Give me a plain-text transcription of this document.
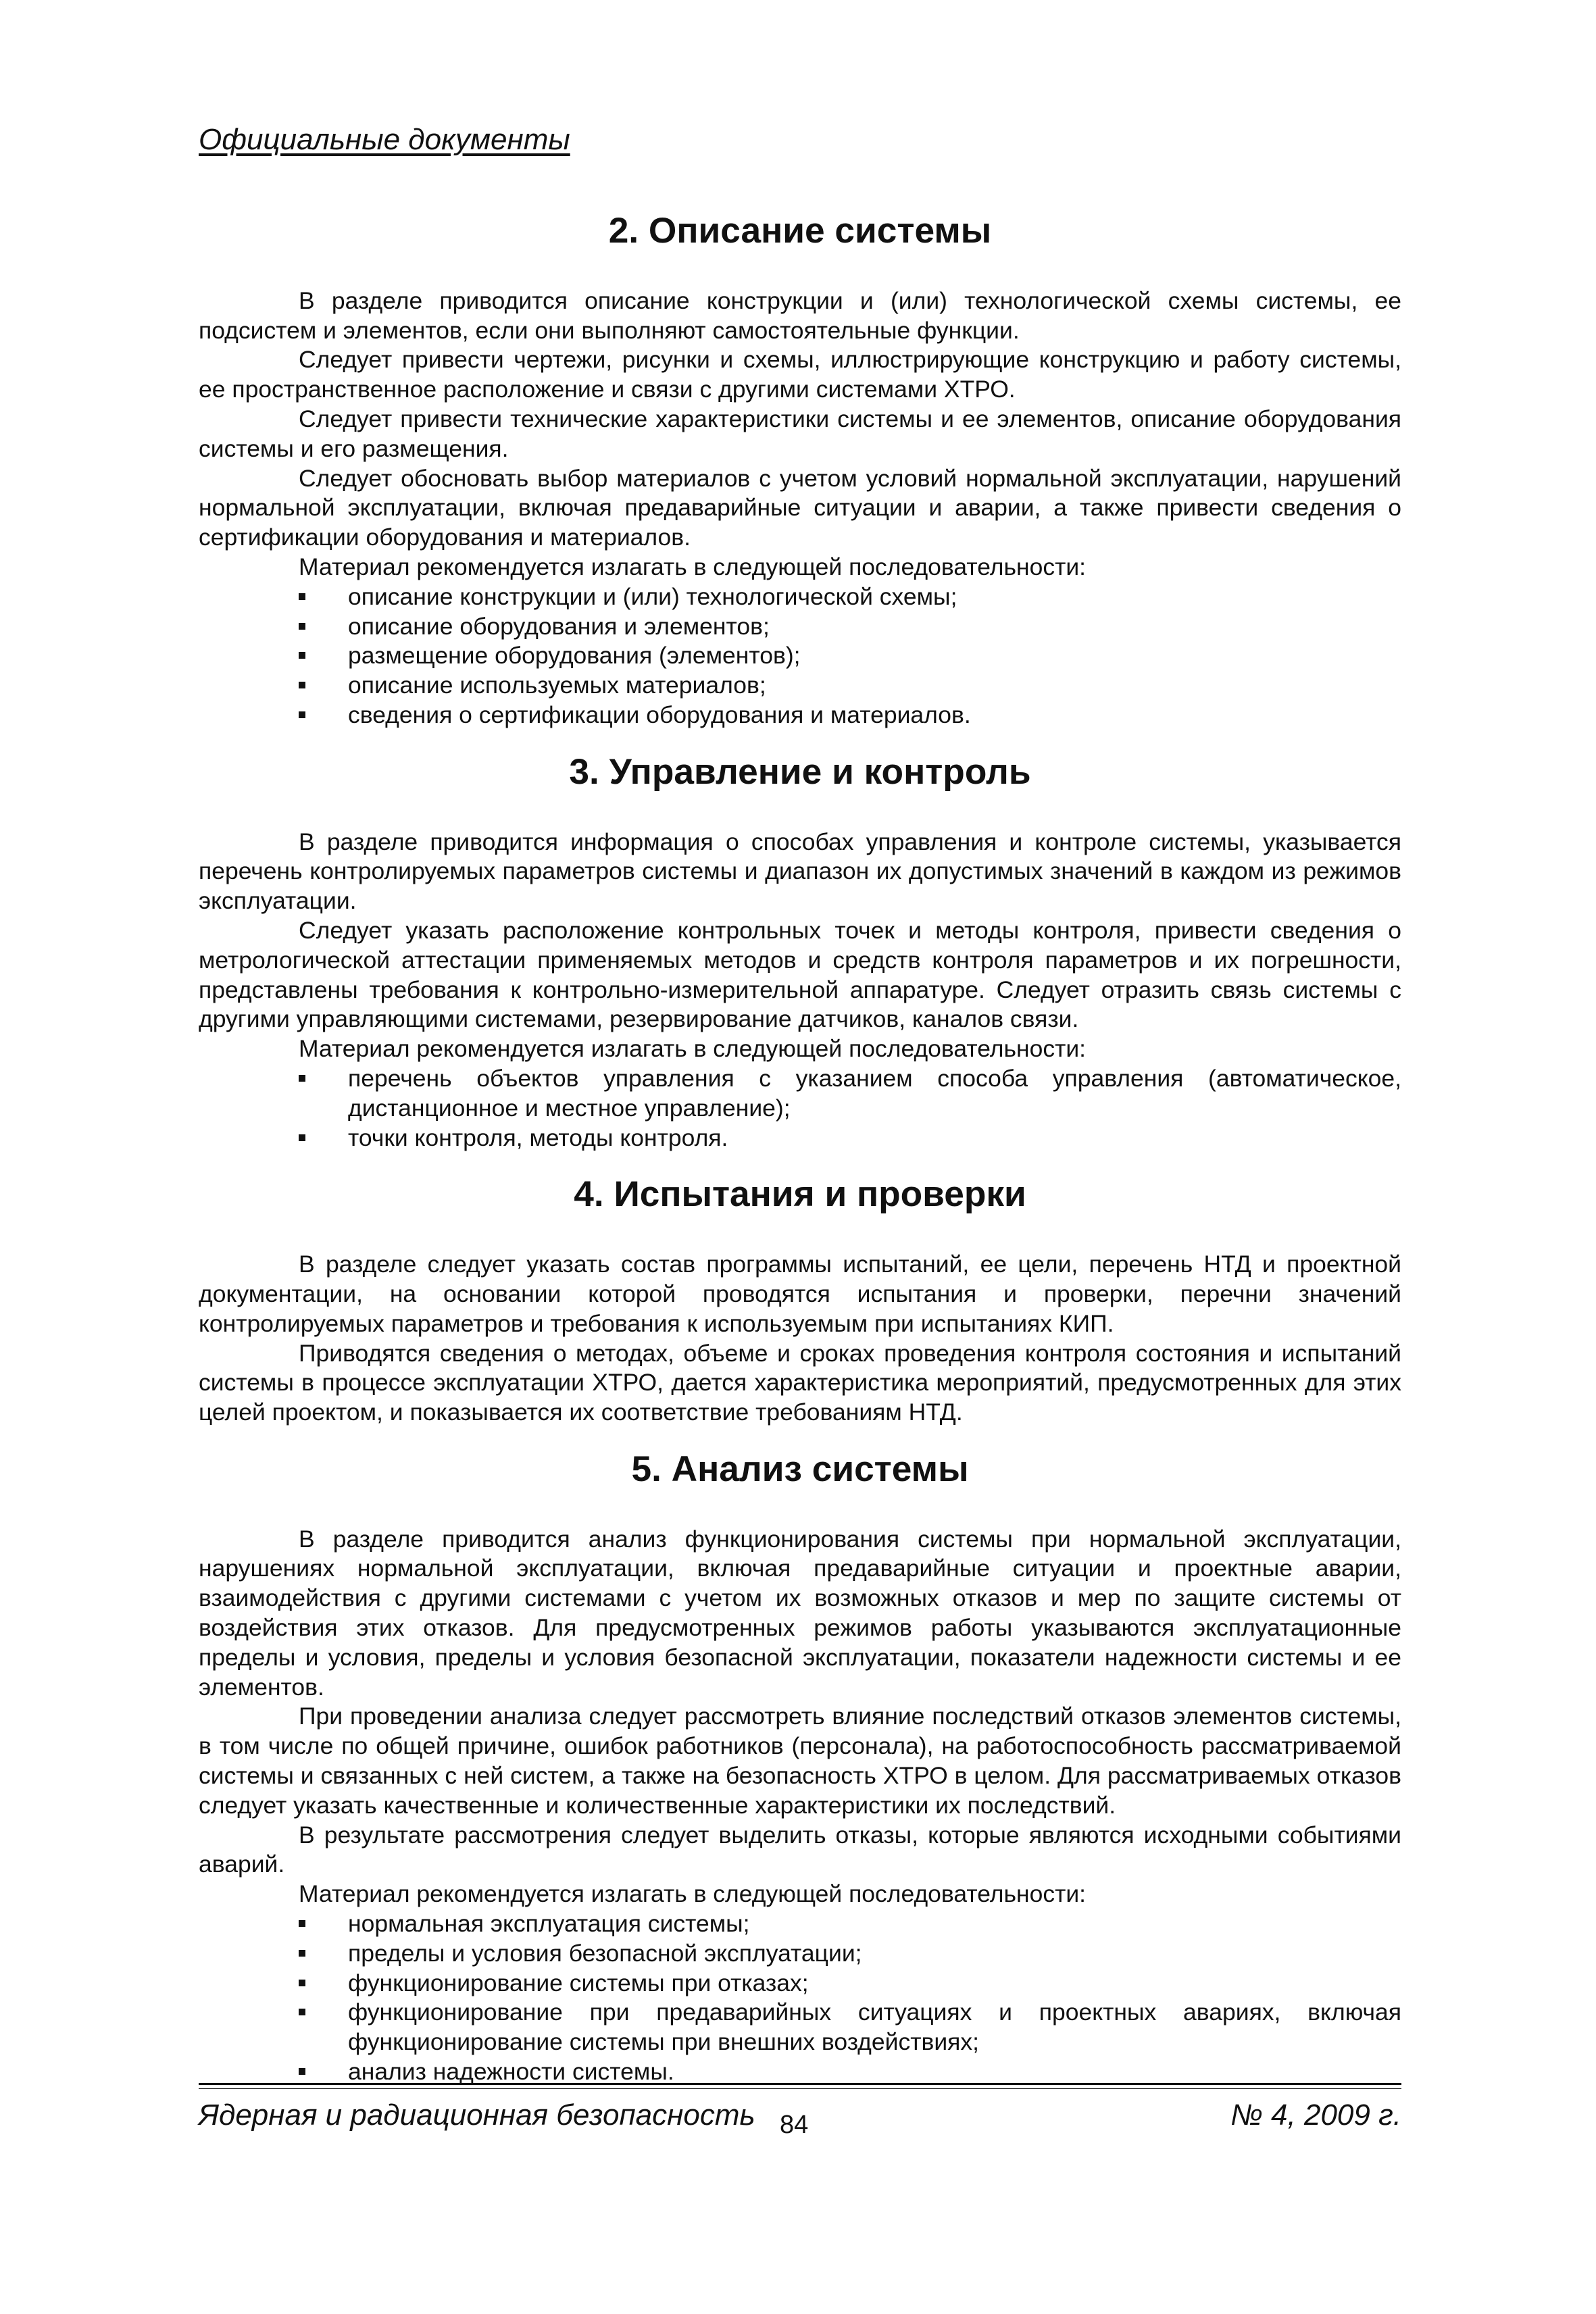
Официальные документы
2. Описание системы

В разделе приводится описание конструкции и (или) технологической схемы системы, ее подсистем и элементов, если они выполняют самостоятельные функции.

Следует привести чертежи, рисунки и схемы, иллюстрирующие конструкцию и работу системы, ее пространственное расположение и связи с другими системами ХТРО.

Следует привести технические характеристики системы и ее элементов, описание оборудования системы и его размещения.

Следует обосновать выбор материалов с учетом условий нормальной эксплуатации, нарушений нормальной эксплуатации, включая предаварийные ситуации и аварии, а также привести сведения о сертификации оборудования и материалов.

Материал рекомендуется излагать в следующей последовательности:

описание конструкции и (или) технологической схемы;
описание оборудования и элементов;
размещение оборудования (элементов);
описание используемых материалов;
сведения о сертификации оборудования и материалов.
3. Управление и контроль

В разделе приводится информация о способах управления и контроле системы, указывается перечень контролируемых параметров системы и диапазон их допустимых значений в каждом из режимов эксплуатации.

Следует указать расположение контрольных точек и методы контроля, привести сведения о метрологической аттестации применяемых методов и средств контроля параметров и их погрешности, представлены требования к контрольно-измерительной аппаратуре. Следует отразить связь системы с другими управляющими системами, резервирование датчиков, каналов связи.

Материал рекомендуется излагать в следующей последовательности:

перечень объектов управления с указанием способа управления (автоматическое, дистанционное и местное управление);
точки контроля, методы контроля.
4. Испытания и проверки

В разделе следует указать состав программы испытаний, ее цели, перечень НТД и проектной документации, на основании которой проводятся испытания и проверки, перечни значений контролируемых параметров и требования к используемым при испытаниях КИП.

Приводятся сведения о методах, объеме и сроках проведения контроля состояния и испытаний системы в процессе эксплуатации ХТРО, дается характеристика мероприятий, предусмотренных для этих целей проектом, и показывается их соответствие требованиям НТД.

5. Анализ системы

В разделе приводится анализ функционирования системы при нормальной эксплуатации, нарушениях нормальной эксплуатации, включая предаварийные ситуации и проектные аварии, взаимодействия с другими системами с учетом их возможных отказов и мер по защите системы от воздействия этих отказов. Для предусмотренных режимов работы указываются эксплуатационные пределы и условия, пределы и условия безопасной эксплуатации, показатели надежности системы и ее элементов.

При проведении анализа следует рассмотреть влияние последствий отказов элементов системы, в том числе по общей причине, ошибок работников (персонала), на работоспособность рассматриваемой системы и связанных с ней систем, а также на безопасность ХТРО в целом. Для рассматриваемых отказов следует указать качественные и количественные характеристики их последствий.

В результате рассмотрения следует выделить отказы, которые являются исходными событиями аварий.

Материал рекомендуется излагать в следующей последовательности:

нормальная эксплуатация системы;
пределы и условия безопасной эксплуатации;
функционирование системы при отказах;
функционирование при предаварийных ситуациях и проектных авариях, включая функционирование системы при внешних воздействиях;
анализ надежности системы.
Ядерная и радиационная безопасность 84	№ 4, 2009 г.
